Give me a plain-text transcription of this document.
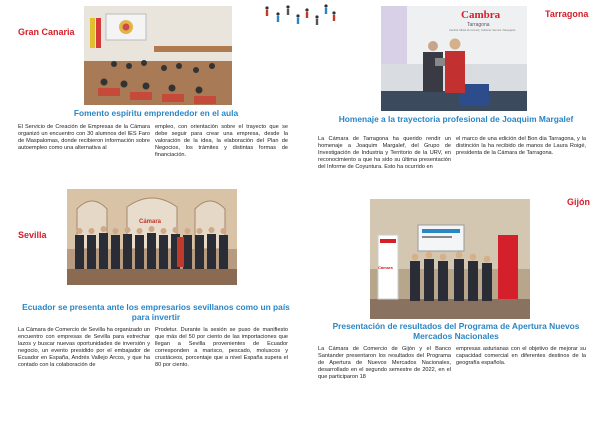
Gran Canaria
Fomento espíritu emprendedor en el aula
El Servicio de Creación de Empresas de la Cámara organizó un encuentro con 30 alumnos del IES Faro de Maspalomas, donde recibieron información sobre autoempleo como una alternativa al
empleo, con orientación sobre el trayecto que se debe seguir para crear una empresa, desde la valoración de la idea, la elaboración del Plan de Negocios, los trámites y distintas formas de financiación.
Tarragona
Cambra
Tarragona
Cambra Oficial de Comerç, Indústria, Serveis i Navegació
Homenaje a la trayectoria profesional de Joaquim Margalef
La Cámara de Tarragona ha querido rendir un homenaje a Joaquim Margalef, del Grupo de Investigación de Industria y Territorio de la URV, en reconocimiento a que ha sido su última presentación del Informe de Coyuntura. Esto ha ocurrido en
el marco de una edición del Bon dia Tarragona, y la distinción la ha recibido de manos de Laura Roigé, presidenta de la Cámara de Tarragona.
Sevilla
Cámara
Ecuador se presenta ante los empresarios sevillanos como un país para invertir
La Cámara de Comercio de Sevilla ha organizado un encuentro con empresas de Sevilla para estrechar lazos y buscar nuevas oportunidades de inversión y negocio, un evento presidido por el embajador de Ecuador en España, Andrés Vallejo Arcos, y que ha contado con la colaboración de
Prodetur. Durante la sesión se puso de manifiesto que más del 50 por ciento de las importaciones que llegan a Sevilla provenientes de Ecuador corresponden a marisco, pescado, moluscos y crustáceos, porcentaje que a nivel España supera el 80 por ciento.
Gijón
Cámara
Presentación de resultados del Programa de Apertura Nuevos Mercados Nacionales
La Cámara de Comercio de Gijón y el Banco Santander presentaron los resultados del Programa de Apertura de Nuevos Mercados Nacionales, desarrollado en el segundo semestre de 2022, en el que participaron 18
empresas asturianas con el objetivo de mejorar su capacidad comercial en diferentes destinos de la geografía española.
